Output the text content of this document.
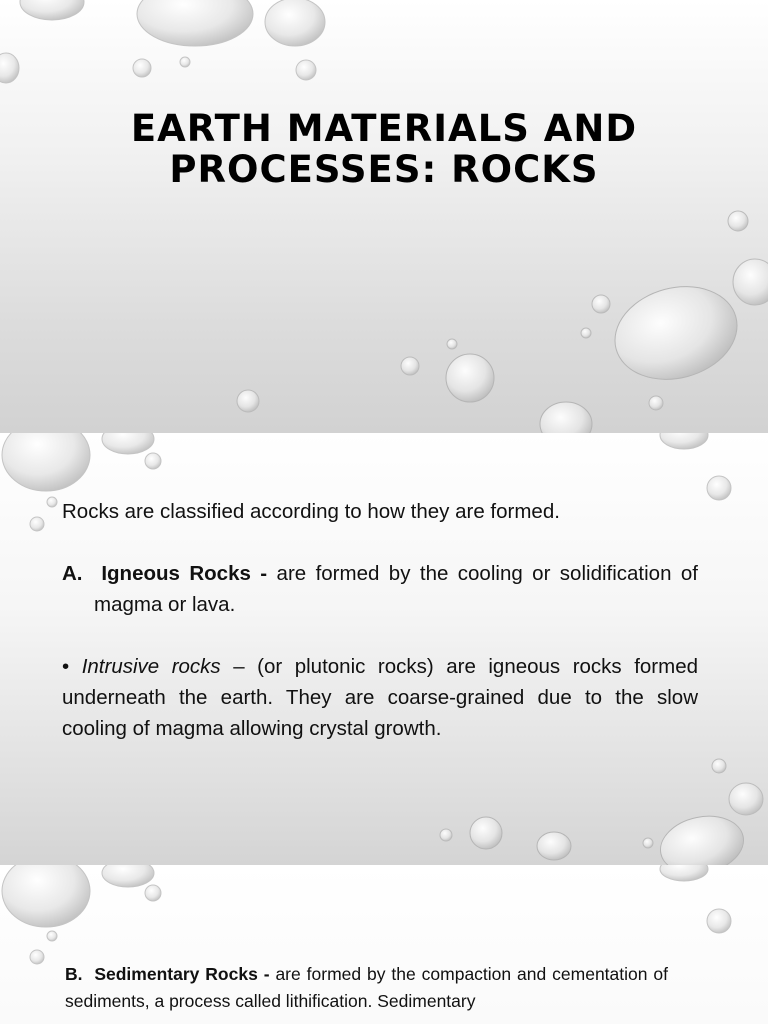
EARTH MATERIALS AND
PROCESSES: ROCKS
Rocks are classified according to how they are formed.
A. Igneous Rocks - are formed by the cooling or solidification of magma or lava.
• Intrusive rocks – (or plutonic rocks) are igneous rocks formed underneath the earth. They are coarse-grained due to the slow cooling of magma allowing crystal growth.
B. Sedimentary Rocks - are formed by the compaction and cementation of sediments, a process called lithification. Sedimentary
